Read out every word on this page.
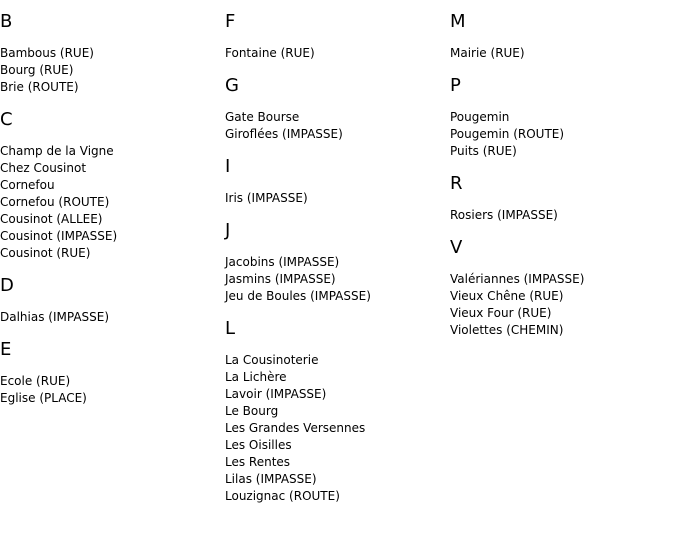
B
Bambous (RUE)
Bourg (RUE)
Brie (ROUTE)
C
Champ de la Vigne
Chez Cousinot
Cornefou
Cornefou (ROUTE)
Cousinot (ALLEE)
Cousinot (IMPASSE)
Cousinot (RUE)
D
Dalhias (IMPASSE)
E
Ecole (RUE)
Eglise (PLACE)
F
Fontaine (RUE)
G
Gate Bourse
Giroflées (IMPASSE)
I
Iris (IMPASSE)
J
Jacobins (IMPASSE)
Jasmins (IMPASSE)
Jeu de Boules (IMPASSE)
L
La Cousinoterie
La Lichère
Lavoir (IMPASSE)
Le Bourg
Les Grandes Versennes
Les Oisilles
Les Rentes
Lilas (IMPASSE)
Louzignac (ROUTE)
M
Mairie (RUE)
P
Pougemin
Pougemin (ROUTE)
Puits (RUE)
R
Rosiers (IMPASSE)
V
Valériannes (IMPASSE)
Vieux Chêne (RUE)
Vieux Four (RUE)
Violettes (CHEMIN)
